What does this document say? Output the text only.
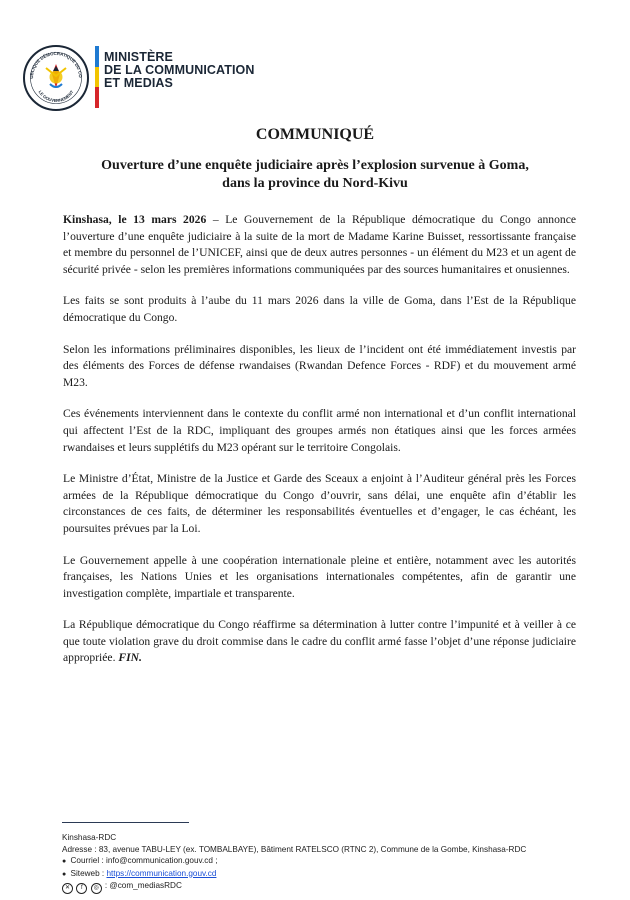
UBLIQUE DÉMOCRATIQUE DU CO
LE GOUVERNEMENT
MINISTÈRE
DE LA COMMUNICATION
ET MEDIAS
COMMUNIQUÉ
Ouverture d’une enquête judiciaire après l’explosion survenue à Goma,
dans la province du Nord-Kivu

Kinshasa, le 13 mars 2026 – Le Gouvernement de la République démocratique du Congo annonce l’ouverture d’une enquête judiciaire à la suite de la mort de Madame Karine Buisset, ressortissante française et membre du personnel de l’UNICEF, ainsi que de deux autres personnes - un élément du M23 et un agent de sécurité privée - selon les premières informations communiquées par des sources humanitaires et onusiennes.

Les faits se sont produits à l’aube du 11 mars 2026 dans la ville de Goma, dans l’Est de la République démocratique du Congo.

Selon les informations préliminaires disponibles, les lieux de l’incident ont été immédiatement investis par des éléments des Forces de défense rwandaises (Rwandan Defence Forces - RDF) et du mouvement armé M23.

Ces événements interviennent dans le contexte du conflit armé non international et d’un conflit international qui affectent l’Est de la RDC, impliquant des groupes armés non étatiques ainsi que les forces armées rwandaises et leurs supplétifs du M23 opérant sur le territoire Congolais.

Le Ministre d’État, Ministre de la Justice et Garde des Sceaux a enjoint à l’Auditeur général près les Forces armées de la République démocratique du Congo d’ouvrir, sans délai, une enquête afin d’établir les circonstances de ces faits, de déterminer les responsabilités éventuelles et d’engager, le cas échéant, les poursuites prévues par la Loi.

Le Gouvernement appelle à une coopération internationale pleine et entière, notamment avec les autorités françaises, les Nations Unies et les organisations internationales compétentes, afin de garantir une investigation complète, impartiale et transparente.

La République démocratique du Congo réaffirme sa détermination à lutter contre l’impunité et à veiller à ce que toute violation grave du droit commise dans le cadre du conflit armé fasse l’objet d’une réponse judiciaire appropriée. FIN.

Kinshasa-RDC
Adresse : 83, avenue TABU-LEY (ex. TOMBALBAYE), Bâtiment RATELSCO (RTNC 2), Commune de la Gombe, Kinshasa-RDC
● Courriel : info@communication.gouv.cd ;
● Siteweb : https://communication.gouv.cd
✕ f ◎ : @com_mediasRDC
